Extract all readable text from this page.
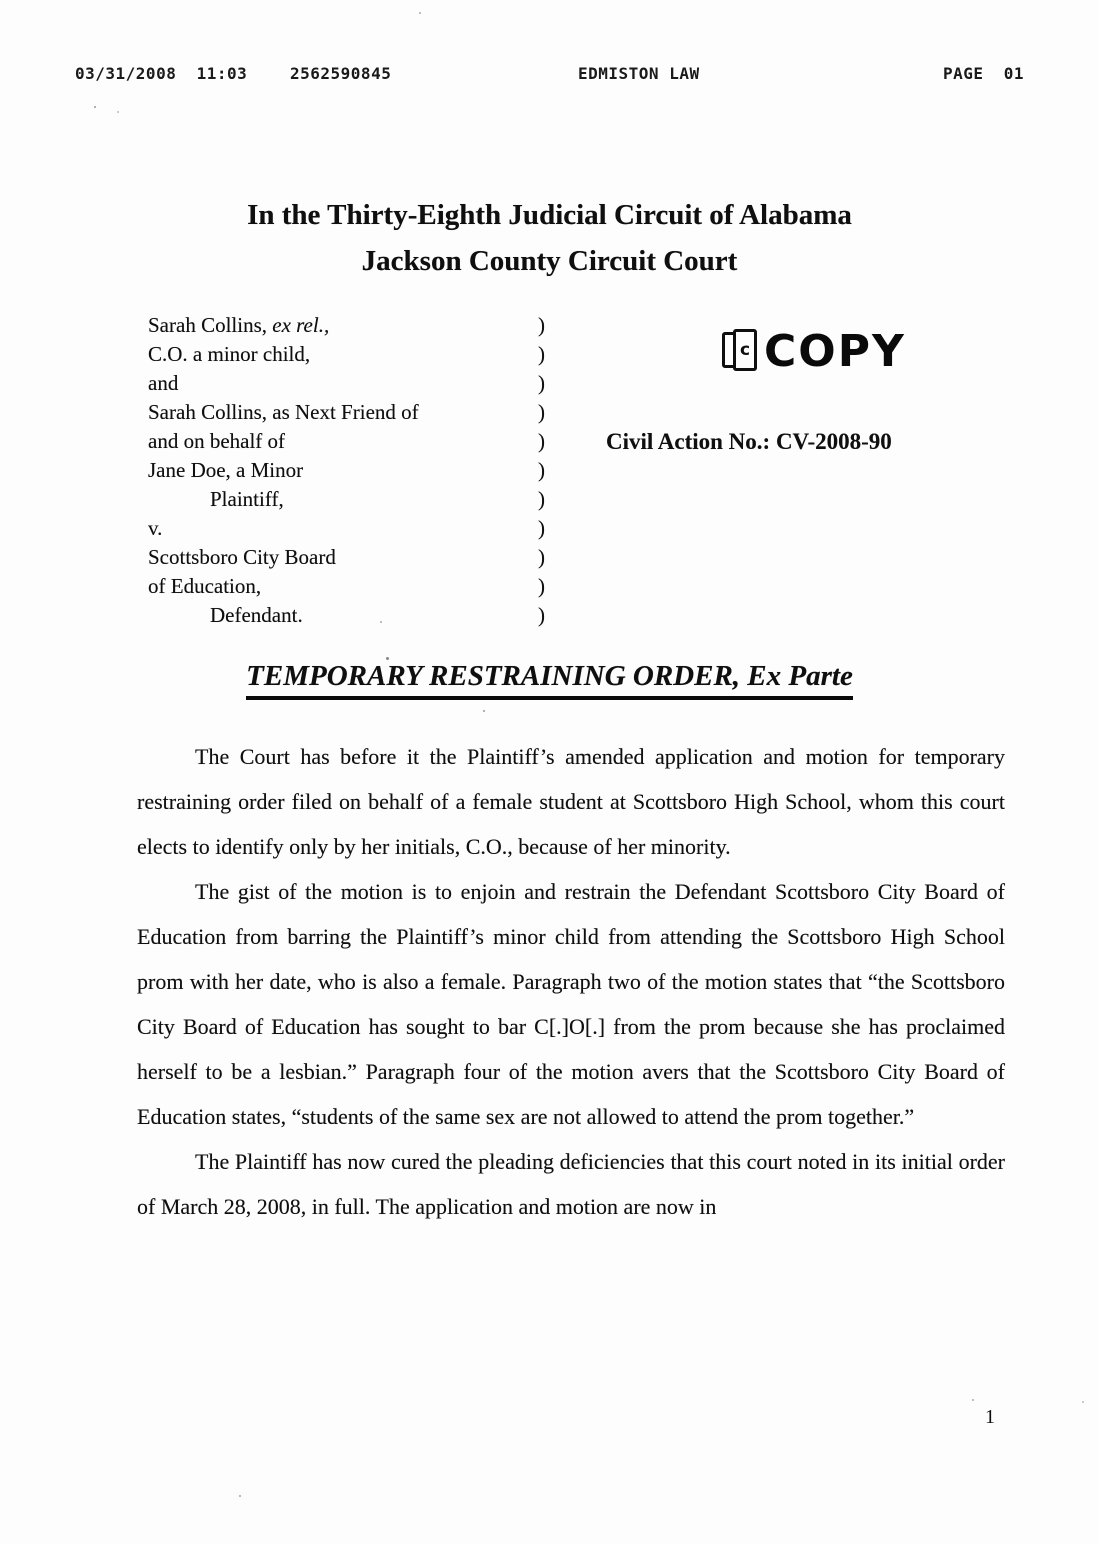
03/31/2008  11:03	2562590845	EDMISTON LAW	PAGE  01
In the Thirty-Eighth Judicial Circuit of Alabama
Jackson County Circuit Court
Sarah Collins, ex rel.,
C.O. a minor child,
and
Sarah Collins, as Next Friend of
and on behalf of
Jane Doe, a Minor
Plaintiff,
v.
Scottsboro City Board
of Education,
Defendant.
)
)
)
)
)
)
)
)
)
)
)
c COPY
Civil Action No.: CV-2008-90
TEMPORARY RESTRAINING ORDER, Ex Parte

The Court has before it the Plaintiff’s amended application and motion for temporary restraining order filed on behalf of a female student at Scottsboro High School, whom this court elects to identify only by her initials, C.O., because of her minority.

The gist of the motion is to enjoin and restrain the Defendant Scottsboro City Board of Education from barring the Plaintiff’s minor child from attending the Scottsboro High School prom with her date, who is also a female. Paragraph two of the motion states that “the Scottsboro City Board of Education has sought to bar C[.]O[.] from the prom because she has proclaimed herself to be a lesbian.” Paragraph four of the motion avers that the Scottsboro City Board of Education states, “students of the same sex are not allowed to attend the prom together.”

The Plaintiff has now cured the pleading deficiencies that this court noted in its initial order of March 28, 2008, in full. The application and motion are now in

1
